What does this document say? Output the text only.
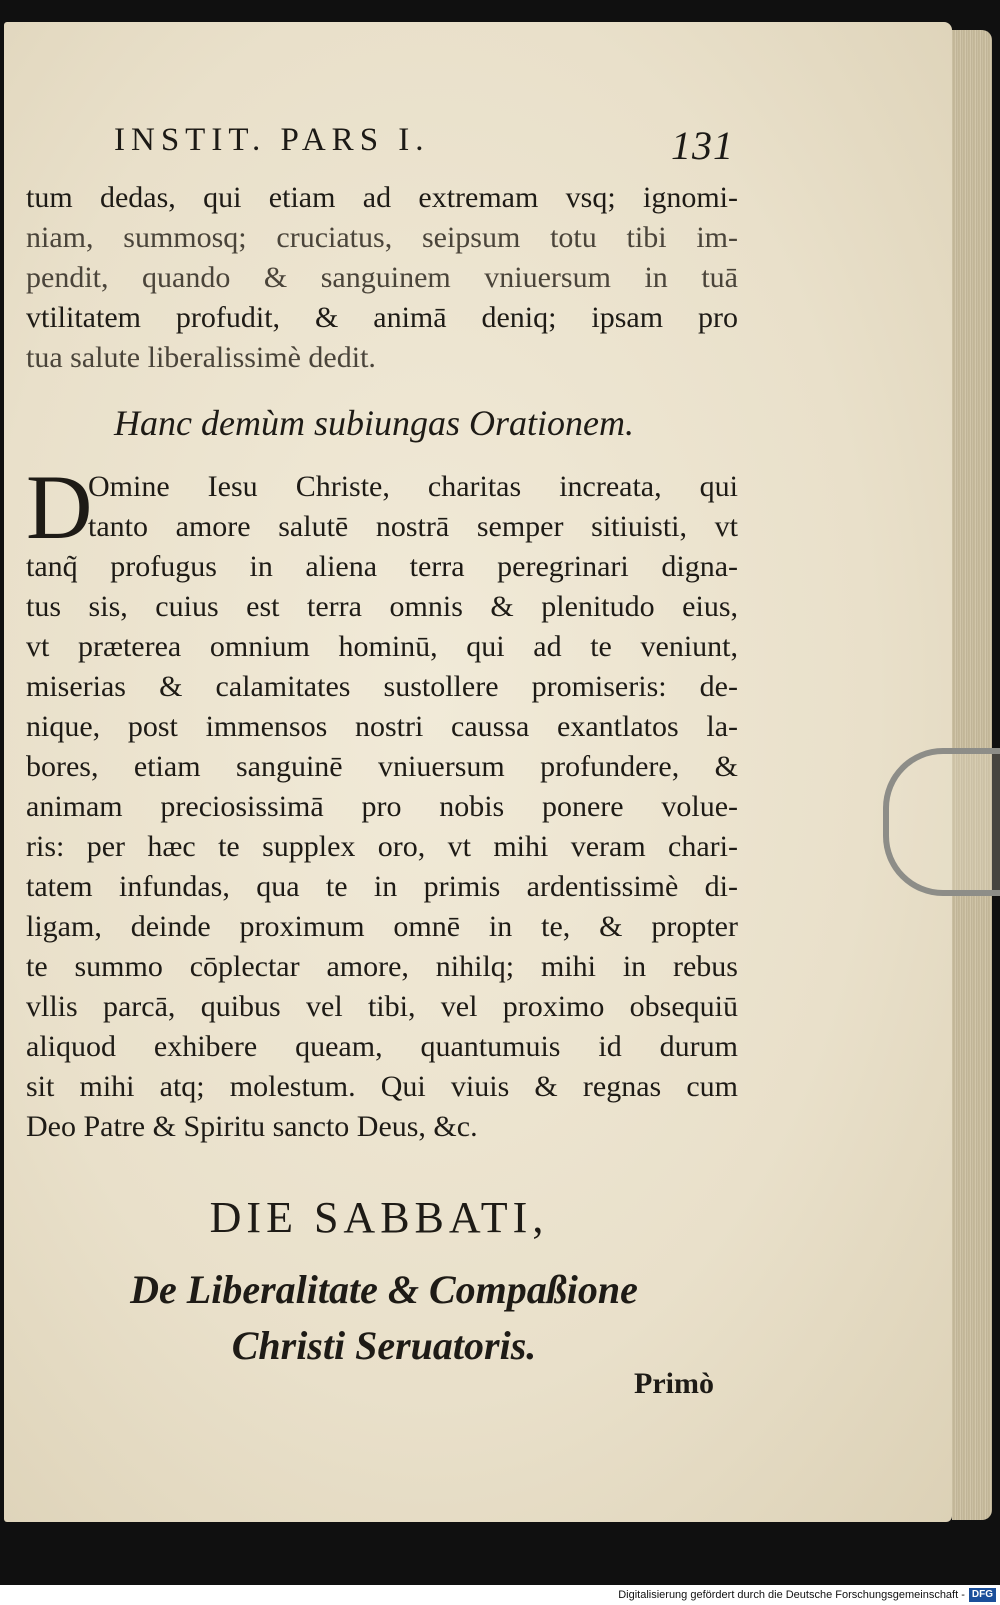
INSTIT. PARS I.	131
tum dedas, qui etiam ad extremam vsq; ignomi-
niam, summosq; cruciatus, seipsum totu tibi im-
pendit, quando & sanguinem vniuersum in tuā
vtilitatem profudit, & animā deniq; ipsam pro
tua salute liberalissimè dedit.
Hanc demùm subiungas Orationem.
D
Omine Iesu Christe, charitas increata, qui
tanto amore salutē nostrā semper sitiuisti, vt
tanq̃ profugus in aliena terra peregrinari digna-
tus sis, cuius est terra omnis & plenitudo eius,
vt præterea omnium hominū, qui ad te veniunt,
miserias & calamitates sustollere promiseris: de-
nique, post immensos nostri caussa exantlatos la-
bores, etiam sanguinē vniuersum profundere, &
animam preciosissimā pro nobis ponere volue-
ris: per hæc te supplex oro, vt mihi veram chari-
tatem infundas, qua te in primis ardentissimè di-
ligam, deinde proximum omnē in te, & propter
te summo cōplectar amore, nihilq; mihi in rebus
vllis parcā, quibus vel tibi, vel proximo obsequiū
aliquod exhibere queam, quantumuis id durum
sit mihi atq; molestum. Qui viuis & regnas cum
Deo Patre & Spiritu sancto Deus, &c.
DIE SABBATI,
De Liberalitate & Compaßione
Christi Seruatoris.
Primò
Digitalisierung gefördert durch die Deutsche Forschungsgemeinschaft - DFG
